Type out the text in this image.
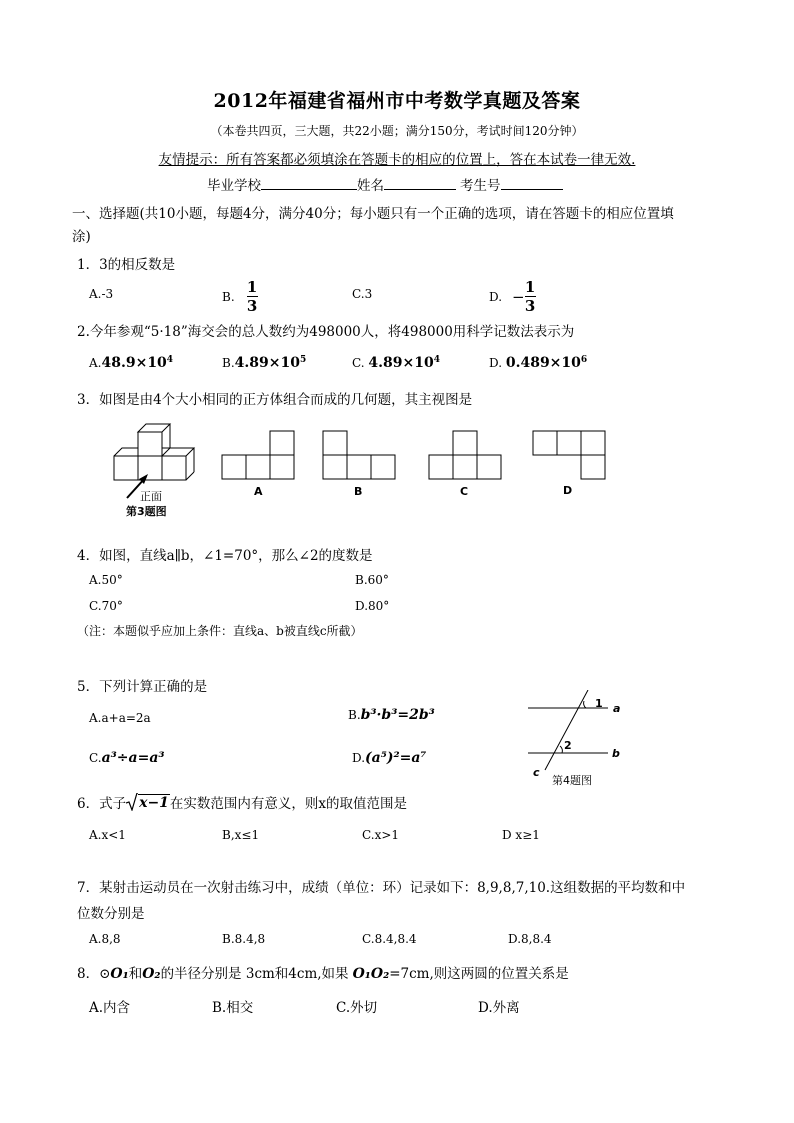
2012年福建省福州市中考数学真题及答案
（本卷共四页，三大题，共22小题；满分150分，考试时间120分钟）
友情提示：所有答案都必须填涂在答题卡的相应的位置上，答在本试卷一律无效.
毕业学校	姓名	考生号
一、选择题(共10小题，每题4分，满分40分；每小题只有一个正确的选项，请在答题卡的相应位置填
涂)
1．3的相反数是
A.-3	B. $\frac{1}{3}$	C.3	D. − $\frac{1}{3}$
2.今年参观“5·18”海交会的总人数约为498000人，将498000用科学记数法表示为
$A.48.9\times 10^4$	$B.4.89\times 10^5$	C. $4.89\times 10^4$	D. $0.489\times 10^6$
3．如图是由4个大小相同的正方体组合而成的几何题，其主视图是
正面
第3题图
A	B	C	D
4．如图，直线a∥b，∠1=70°，那么∠2的度数是
A.50°	B.60°
C.70°	D.80°
（注：本题似乎应加上条件：直线a、b被直线c所截）
5．下列计算正确的是
A.a+a=2a	B.b³·b³=2b³
C.a³÷a=a³	D.(a⁵)²=a⁷
1
2
a
b
c
第4题图
6．式子 x−1 在实数范围内有意义，则x的取值范围是
A.x<1	B,x≤1	C.x>1	D x≥1
7．某射击运动员在一次射击练习中，成绩（单位：环）记录如下：8,9,8,7,10.这组数据的平均数和中
位数分别是
A.8,8	B.8.4,8	C.8.4,8.4	D.8,8.4
8．⊙O₁和O₂的半径分别是 3cm和4cm,如果 O₁O₂=7cm,则这两圆的位置关系是
A.内含	B.相交	C.外切	D.外离
